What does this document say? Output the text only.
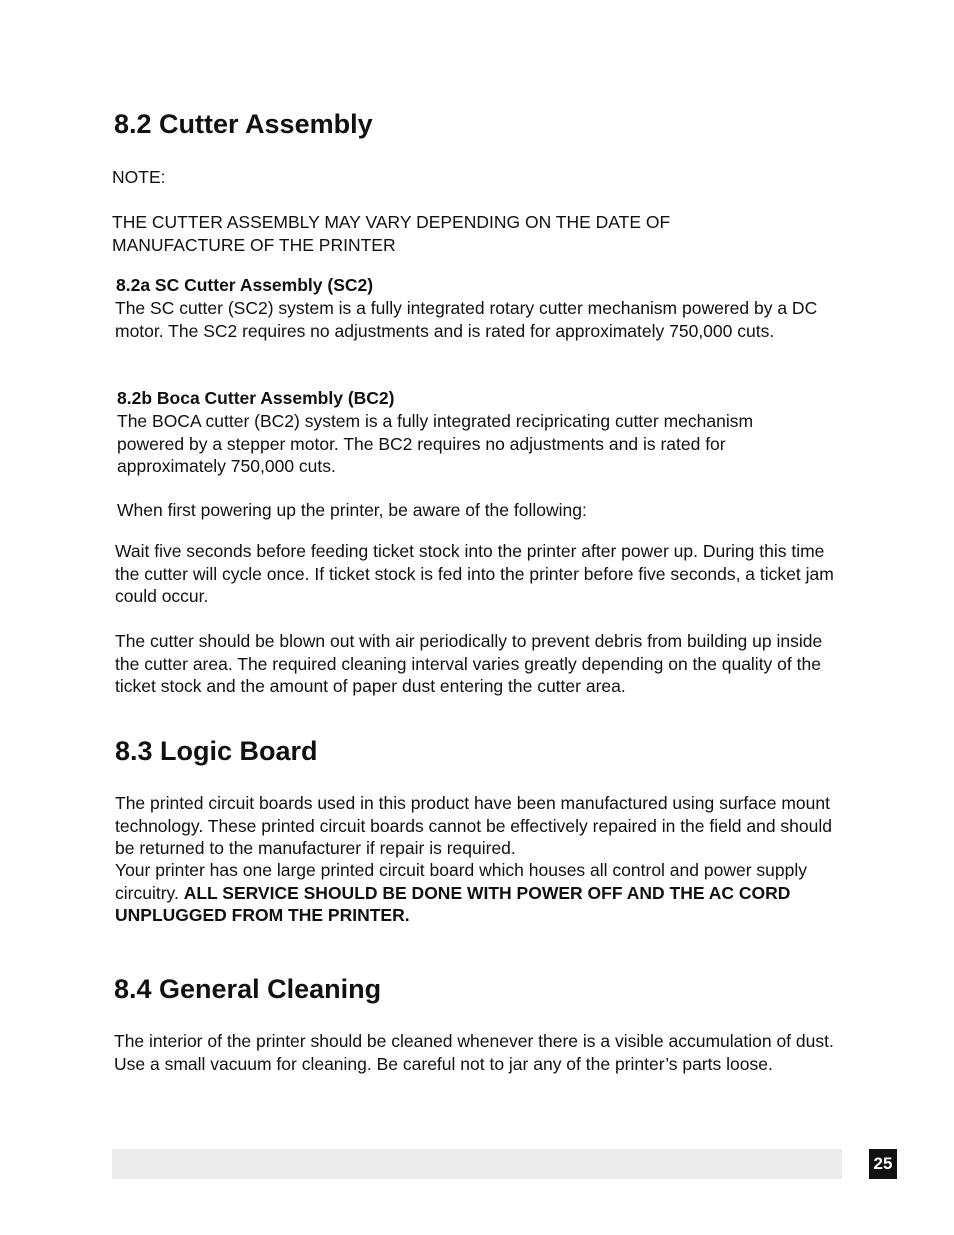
8.2 Cutter Assembly

NOTE:

THE CUTTER ASSEMBLY MAY VARY DEPENDING ON THE DATE OF MANUFACTURE OF THE PRINTER

8.2a SC Cutter Assembly (SC2)

The SC cutter (SC2) system is a fully integrated rotary cutter mechanism powered by a DC motor. The SC2 requires no adjustments and is rated for approximately 750,000 cuts.

8.2b Boca Cutter Assembly (BC2)

The BOCA cutter (BC2) system is a fully integrated recipricating cutter mechanism powered by a stepper motor. The BC2 requires no adjustments and is rated for approximately 750,000 cuts.

When first powering up the printer, be aware of the following:

Wait five seconds before feeding ticket stock into the printer after power up. During this time the cutter will cycle once. If ticket stock is fed into the printer before five seconds, a ticket jam could occur.

The cutter should be blown out with air periodically to prevent debris from building up inside the cutter area. The required cleaning interval varies greatly depending on the quality of the ticket stock and the amount of paper dust entering the cutter area.

8.3 Logic Board

The printed circuit boards used in this product have been manufactured using surface mount technology. These printed circuit boards cannot be effectively repaired in the field and should be returned to the manufacturer if repair is required.

Your printer has one large printed circuit board which houses all control and power supply circuitry. ALL SERVICE SHOULD BE DONE WITH POWER OFF AND THE AC CORD UNPLUGGED FROM THE PRINTER.

8.4 General Cleaning

The interior of the printer should be cleaned whenever there is a visible accumulation of dust. Use a small vacuum for cleaning. Be careful not to jar any of the printer’s parts loose.

25
